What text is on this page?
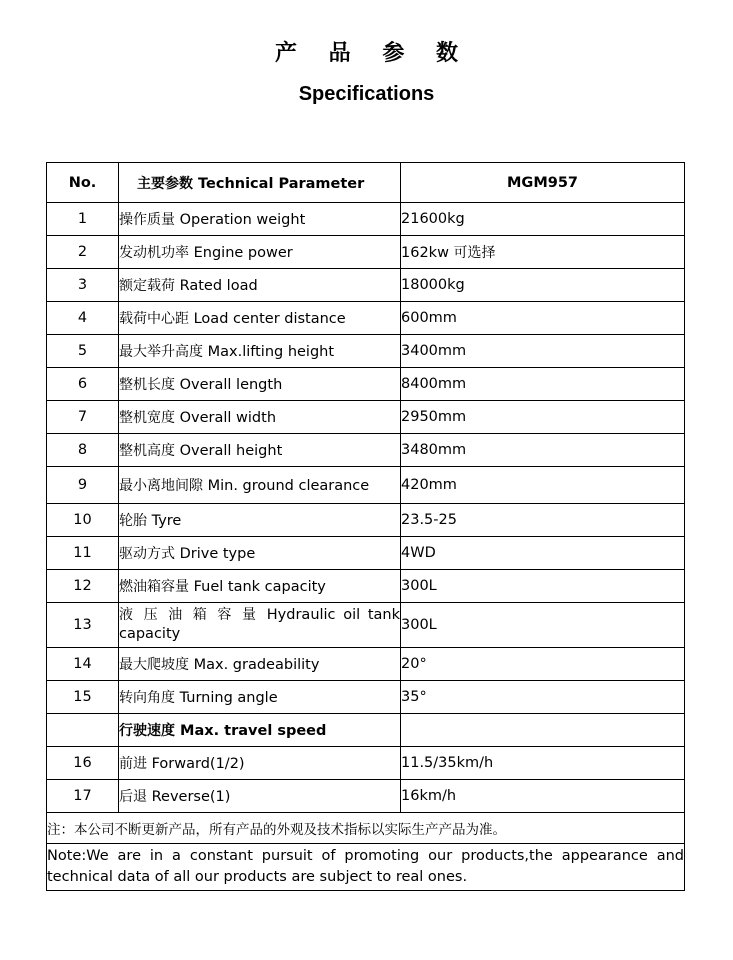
产 品 参 数
Specifications
No.	主要参数 Technical Parameter	MGM957
1	操作质量 Operation weight	21600kg
2	发动机功率 Engine power	162kw 可选择
3	额定载荷 Rated load	18000kg
4	载荷中心距 Load center distance	600mm
5	最大举升高度 Max.lifting height	3400mm
6	整机长度 Overall length	8400mm
7	整机宽度 Overall width	2950mm
8	整机高度 Overall height	3480mm
9	最小离地间隙 Min. ground clearance	420mm
10	轮胎 Tyre	23.5-25
11	驱动方式 Drive type	4WD
12	燃油箱容量 Fuel tank capacity	300L
13	液 压 油 箱 容 量 Hydraulic oil tank capacity	300L
14	最大爬坡度 Max. gradeability	20°
15	转向角度 Turning angle	35°
	行驶速度 Max. travel speed	
16	前进 Forward(1/2)	11.5/35km/h
17	后退 Reverse(1)	16km/h
注：本公司不断更新产品，所有产品的外观及技术指标以实际生产产品为准。		
Note:We are in a constant pursuit of promoting our products,the appearance and technical data of all our products are subject to real ones.		
